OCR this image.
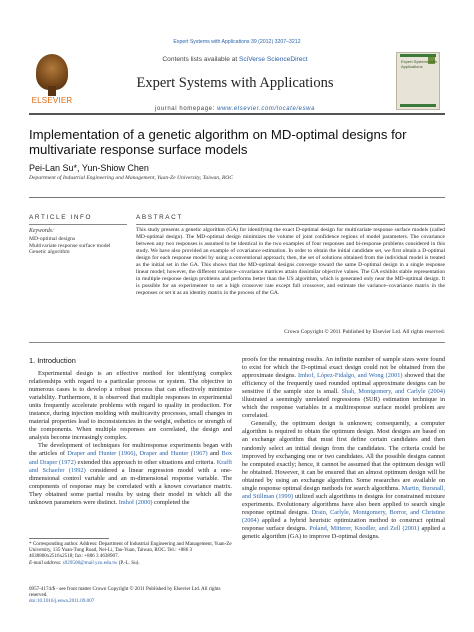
Expert Systems with Applications 39 (2012) 3207–3212
ELSEVIER
Contents lists available at SciVerse ScienceDirect
Expert Systems with Applications
journal homepage: www.elsevier.com/locate/eswa
Expert Systems with Applications
Implementation of a genetic algorithm on MD-optimal designs for multivariate response surface models
Pei-Lan Su*, Yun-Shiow Chen
Department of Industrial Engineering and Management, Yuan-Ze University, Taiwan, ROC
ARTICLE INFO
Keywords:
MD-optimal designs
Multivariate response surface model
Genetic algorithm
ABSTRACT
This study presents a genetic algorithm (GA) for identifying the exact D-optimal design for multivariate response surface models (called MD-optimal design). The MD-optimal design minimizes the volume of joint confidence regions of model parameters. The covariance between any two responses is assumed to be identical in the two examples of four responses and bi-response problems considered in this study. We have also provided an example of covariance estimation. In order to obtain the initial candidate set, we first obtain a D-optimal design for each response model by using a conventional approach; then, the set of solutions obtained from the individual model is treated as the initial set in the GA. This shows that the MD-optimal designs converge toward the same D-optimal design in a single response linear model; however, the different variance–covariance matrices attain dissimilar objective values. The GA exhibits stable representation in multiple response design problems and performs better than the US algorithm, which is generated only near the MD-optimal design. It is possible for an experimenter to set a high crossover rate except full crossover, and estimate the variance–covariance matrix in the responses or set it as an identity matrix in the process of the GA.
Crown Copyright © 2011 Published by Elsevier Ltd. All rights reserved.
1. Introduction

Experimental design is an effective method for identifying complex relationships with regard to a particular process or system. The objective in numerous cases is to develop a robust process that can effectively minimize variability. Furthermore, it is observed that multiple responses in experimental units frequently accelerate problems with regard to quality in production. For instance, during injection molding with multicavity processes, small changes in material properties lead to inconsistencies in the weight, esthetics or strength of the components. When multiple responses are correlated, the design and analysis become increasingly complex.

The development of techniques for multiresponse experiments began with the articles of Draper and Hunter (1966), Draper and Hunter (1967) and Box and Draper (1972) extended this approach to other situations and criteria. Krafft and Schaefer (1992) considered a linear regression model with a one-dimensional control variable and an m-dimensional response variable. The components of response may be correlated with a known covariance matrix. They obtained some partial results by using their model in which all the unknown parameters were distinct. Imhof (2000) completed the

* Corresponding author. Address: Department of Industrial Engineering and Management, Yuan-Ze University, 135 Yuan-Tung Road, Nei-Li, Tao-Yuan, Taiwan, ROC. Tel.: +886 3 4638800x2516x2518; fax: +886 3 4638907.
E-mail address: s929508@mail.yzu.edu.tw (P.-L. Su).
0957-4174/$ - see front matter Crown Copyright © 2011 Published by Elsevier Ltd. All rights reserved.
doi:10.1016/j.eswa.2011.09.007

proofs for the remaining results. An infinite number of sample sizes were found to exist for which the D-optimal exact design could not be obtained from the approximate designs. Imhof, López-Fidalgo, and Wong (2001) showed that the efficiency of the frequently used rounded optimal approximate designs can be sensitive if the sample size is small. Shah, Montgomery, and Carlyle (2004) illustrated a seemingly unrelated regressions (SUR) estimation technique in which the response variables in a multiresponse surface model problem are correlated.

Generally, the optimum design is unknown; consequently, a computer algorithm is required to obtain the optimum design. Most designs are based on an exchange algorithm that must first define certain candidates and then randomly select an initial design from the candidates. The criteria could be improved by exchanging one or two candidates. All the possible designs cannot be computed exactly; hence, it cannot be assumed that the optimum design will be obtained. However, it can be ensured that an almost optimum design will be obtained by using an exchange algorithm. Some researches are available on single response optimal design methods for search algorithms. Martin, Bursnall, and Stillman (1999) utilized such algorithms in designs for constrained mixture experiments. Evolutionary algorithms have also been applied to search single response optimal designs. Drain, Carlyle, Montgomery, Borror, and Christine (2004) applied a hybrid heuristic optimization method to construct optimal response surface designs. Poland, Mitterer, Knodler, and Zell (2001) applied a genetic algorithm (GA) to improve D-optimal designs.
